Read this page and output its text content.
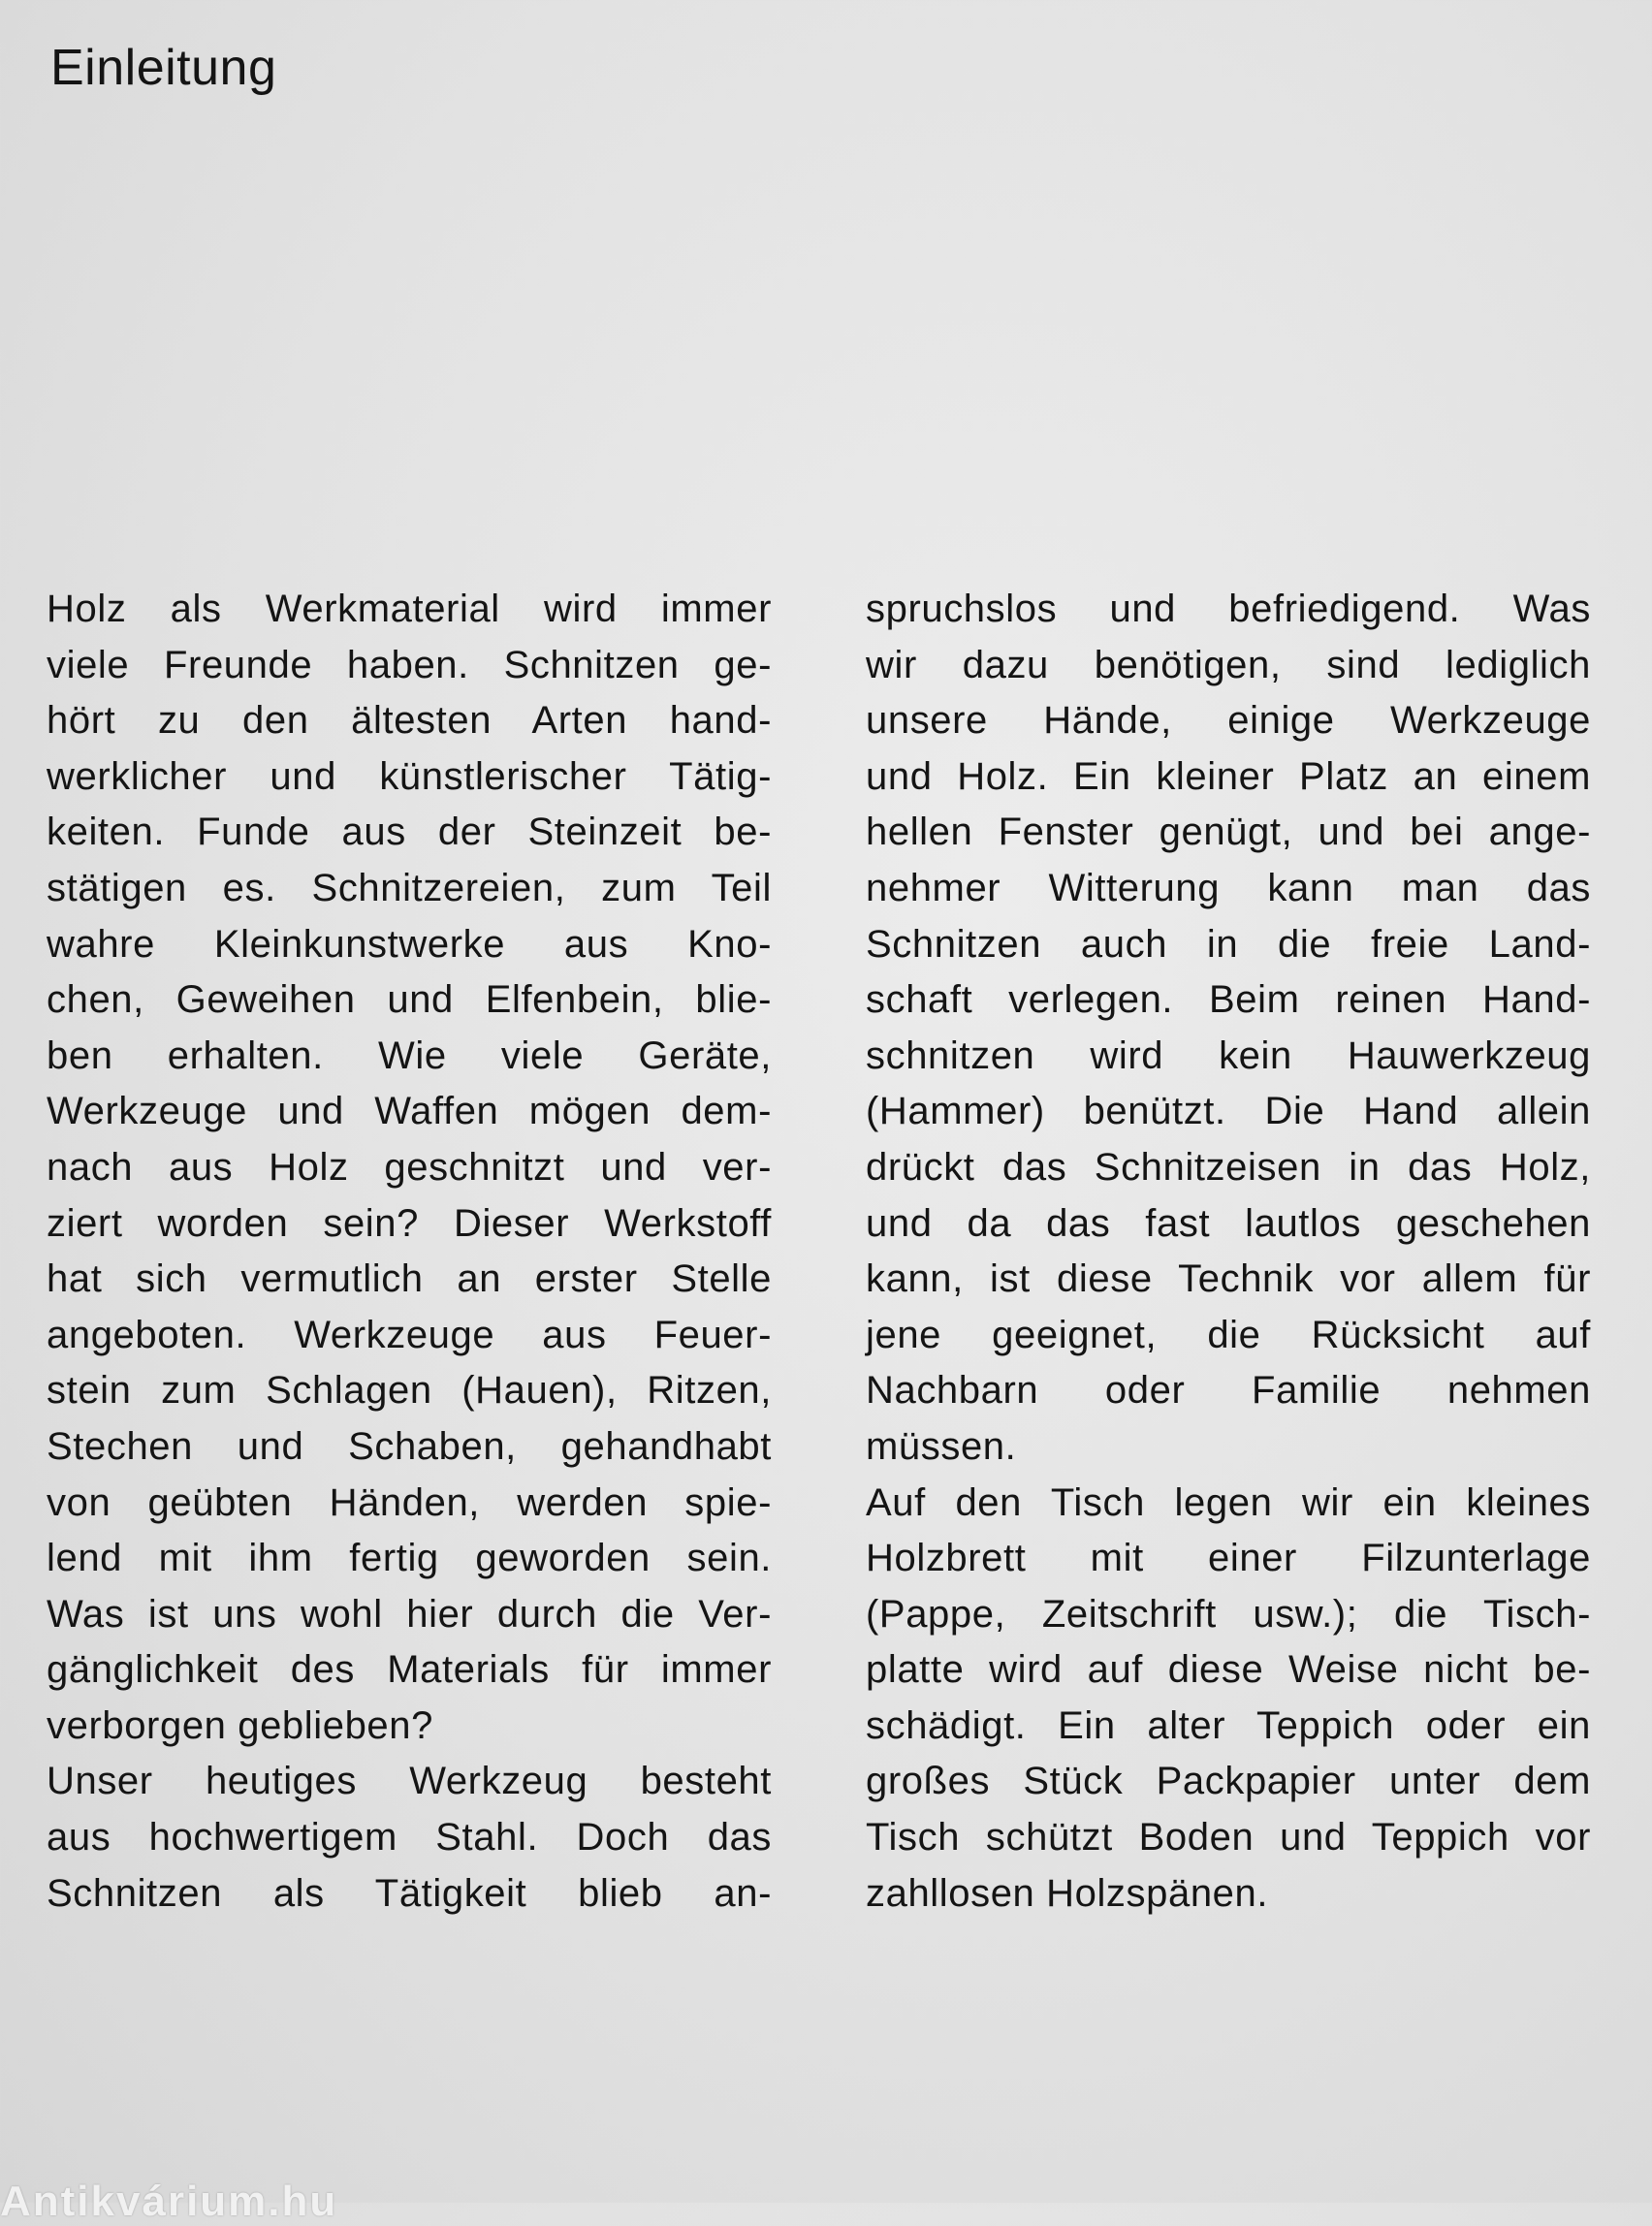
Einleitung
Holz als Werkmaterial wird immer
viele Freunde haben. Schnitzen ge-
hört zu den ältesten Arten hand-
werklicher und künstlerischer Tätig-
keiten. Funde aus der Steinzeit be-
stätigen es. Schnitzereien, zum Teil
wahre Kleinkunstwerke aus Kno-
chen, Geweihen und Elfenbein, blie-
ben erhalten. Wie viele Geräte,
Werkzeuge und Waffen mögen dem-
nach aus Holz geschnitzt und ver-
ziert worden sein? Dieser Werkstoff
hat sich vermutlich an erster Stelle
angeboten. Werkzeuge aus Feuer-
stein zum Schlagen (Hauen), Ritzen,
Stechen und Schaben, gehandhabt
von geübten Händen, werden spie-
lend mit ihm fertig geworden sein.
Was ist uns wohl hier durch die Ver-
gänglichkeit des Materials für immer
verborgen geblieben?
Unser heutiges Werkzeug besteht
aus hochwertigem Stahl. Doch das
Schnitzen als Tätigkeit blieb an-
spruchslos und befriedigend. Was
wir dazu benötigen, sind lediglich
unsere Hände, einige Werkzeuge
und Holz. Ein kleiner Platz an einem
hellen Fenster genügt, und bei ange-
nehmer Witterung kann man das
Schnitzen auch in die freie Land-
schaft verlegen. Beim reinen Hand-
schnitzen wird kein Hauwerkzeug
(Hammer) benützt. Die Hand allein
drückt das Schnitzeisen in das Holz,
und da das fast lautlos geschehen
kann, ist diese Technik vor allem für
jene geeignet, die Rücksicht auf
Nachbarn oder Familie nehmen
müssen.
Auf den Tisch legen wir ein kleines
Holzbrett mit einer Filzunterlage
(Pappe, Zeitschrift usw.); die Tisch-
platte wird auf diese Weise nicht be-
schädigt. Ein alter Teppich oder ein
großes Stück Packpapier unter dem
Tisch schützt Boden und Teppich vor
zahllosen Holzspänen.
Antikvárium.hu
